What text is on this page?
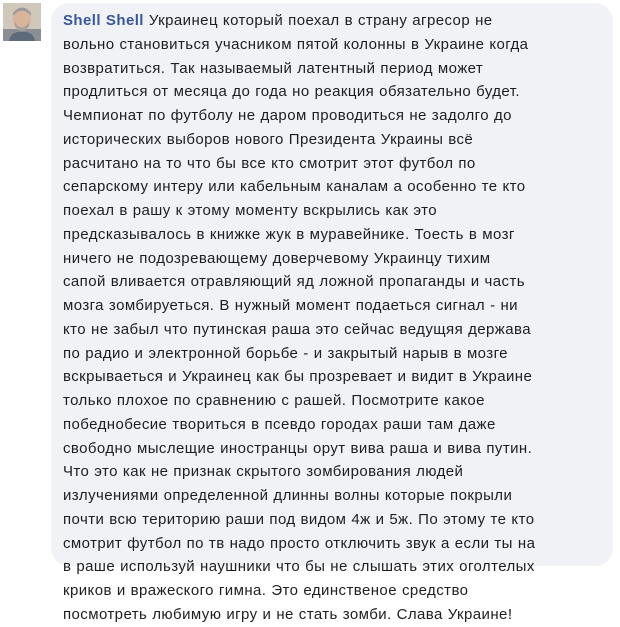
Shell Shell Украинец который поехал в страну агресор не
вольно становиться учасником пятой колонны в Украине когда
возвратиться. Так называемый латентный период может
продлиться от месяца до года но реакция обязательно будет.
Чемпионат по футболу не даром проводиться не задолго до
исторических выборов нового Президента Украины всё
расчитано на то что бы все кто смотрит этот футбол по
сепарскому интеру или кабельным каналам а особенно те кто
поехал в рашу к этому моменту вскрылись как это
предсказывалось в книжке жук в муравейнике. Тоесть в мозг
ничего не подозревающему доверчевому Украинцу тихим
сапой вливается отравляющий яд ложной пропаганды и часть
мозга зомбируеться. В нужный момент подаеться сигнал - ни
кто не забыл что путинская раша это сейчас ведущяя держава
по радио и электронной борьбе - и закрытый нарыв в мозге
вскрываеться и Украинец как бы прозревает и видит в Украине
только плохое по сравнению с рашей. Посмотрите какое
победнобесие твориться в псевдо городах раши там даже
свободно мыслещие иностранцы орут вива раша и вива путин.
Что это как не признак скрытого зомбирования людей
излучениями определенной длинны волны которые покрыли
почти всю територию раши под видом 4ж и 5ж. По этому те кто
смотрит футбол по тв надо просто отключить звук а если ты на
в раше используй наушники что бы не слышать этих оголтелых
криков и вражеского гимна. Это единственое средство
посмотреть любимую игру и не стать зомби. Слава Украине!
